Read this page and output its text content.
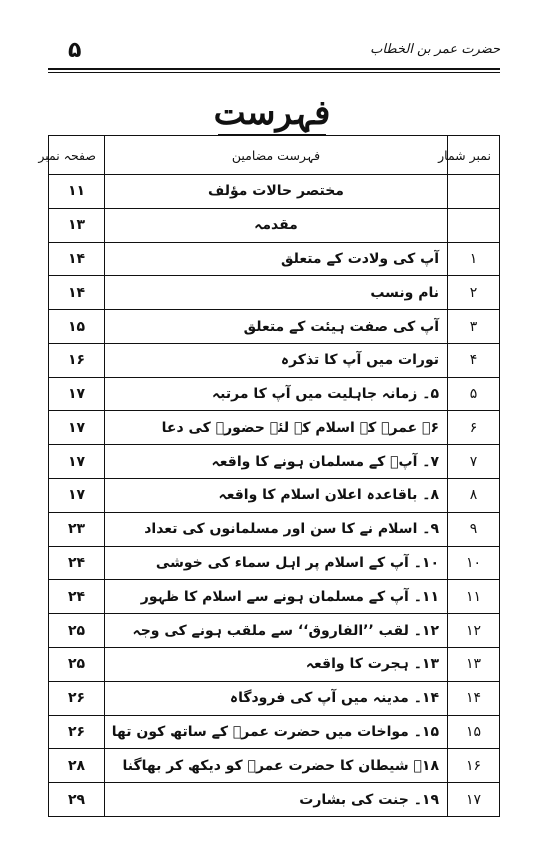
۵	حضرت عمر بن الخطاب
فہرست
نمبر شمار	فہرست مضامین	صفحہ نمبر
	مختصر حالات مؤلف	۱۱
	مقدمہ	۱۳
۱	آپ کی ولادت کے متعلق	۱۴
۲	نام ونسب	۱۴
۳	آپ کی صفت ہیئت کے متعلق	۱۵
۴	تورات میں آپ کا تذکرہ	۱۶
۵	۵۔ زمانہ جاہلیت میں آپ کا مرتبہ	۱۷
۶	۶۔ عمرؓ کے اسلام کے لئے حضورؐ کی دعا	۱۷
۷	۷۔ آپؓ کے مسلمان ہونے کا واقعہ	۱۷
۸	۸۔ باقاعدہ اعلان اسلام کا واقعہ	۱۷
۹	۹۔ اسلام نے کا سن اور مسلمانوں کی تعداد	۲۳
۱۰	۱۰۔ آپ کے اسلام پر اہل سماء کی خوشی	۲۴
۱۱	۱۱۔ آپ کے مسلمان ہونے سے اسلام کا ظہور	۲۴
۱۲	۱۲۔ لقب ’’الفاروق‘‘ سے ملقب ہونے کی وجہ	۲۵
۱۳	۱۳۔ ہجرت کا واقعہ	۲۵
۱۴	۱۴۔ مدینہ میں آپ کی فرودگاہ	۲۶
۱۵	۱۵۔ مواخات میں حضرت عمرؓ کے ساتھ کون تھا	۲۶
۱۶	۱۸۔ شیطان کا حضرت عمرؓ کو دیکھ کر بھاگنا	۲۸
۱۷	۱۹۔ جنت کی بشارت	۲۹
